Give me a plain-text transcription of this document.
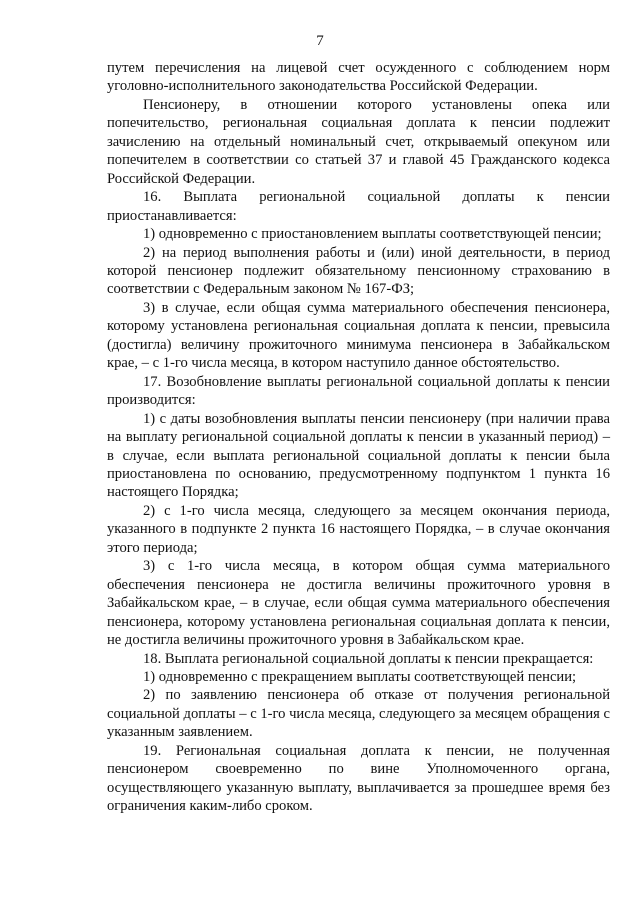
7

путем перечисления на лицевой счет осужденного с соблюдением норм уголовно-исполнительного законодательства Российской Федерации.

Пенсионеру, в отношении которого установлены опека или попечительство, региональная социальная доплата к пенсии подлежит зачислению на отдельный номинальный счет, открываемый опекуном или попечителем в соответствии со статьей 37 и главой 45 Гражданского кодекса Российской Федерации.

16. Выплата региональной социальной доплаты к пенсии приостанавливается:

1) одновременно с приостановлением выплаты соответствующей пенсии;

2) на период выполнения работы и (или) иной деятельности, в период которой пенсионер подлежит обязательному пенсионному страхованию в соответствии с Федеральным законом № 167-ФЗ;

3) в случае, если общая сумма материального обеспечения пенсионера, которому установлена региональная социальная доплата к пенсии, превысила (достигла) величину прожиточного минимума пенсионера в Забайкальском крае, – с 1-го числа месяца, в котором наступило данное обстоятельство.

17. Возобновление выплаты региональной социальной доплаты к пенсии производится:

1) с даты возобновления выплаты пенсии пенсионеру (при наличии права на выплату региональной социальной доплаты к пенсии в указанный период) – в случае, если выплата региональной социальной доплаты к пенсии была приостановлена по основанию, предусмотренному подпунктом 1 пункта 16 настоящего Порядка;

2) с 1-го числа месяца, следующего за месяцем окончания периода, указанного в подпункте 2 пункта 16 настоящего Порядка, – в случае окончания этого периода;

3) с 1-го числа месяца, в котором общая сумма материального обеспечения пенсионера не достигла величины прожиточного уровня в Забайкальском крае, – в случае, если общая сумма материального обеспечения пенсионера, которому установлена региональная социальная доплата к пенсии, не достигла величины прожиточного уровня в Забайкальском крае.

18. Выплата региональной социальной доплаты к пенсии прекращается:

1) одновременно с прекращением выплаты соответствующей пенсии;

2) по заявлению пенсионера об отказе от получения региональной социальной доплаты – с 1-го числа месяца, следующего за месяцем обращения с указанным заявлением.

19. Региональная социальная доплата к пенсии, не полученная пенсионером своевременно по вине Уполномоченного органа, осуществляющего указанную выплату, выплачивается за прошедшее время без ограничения каким-либо сроком.
